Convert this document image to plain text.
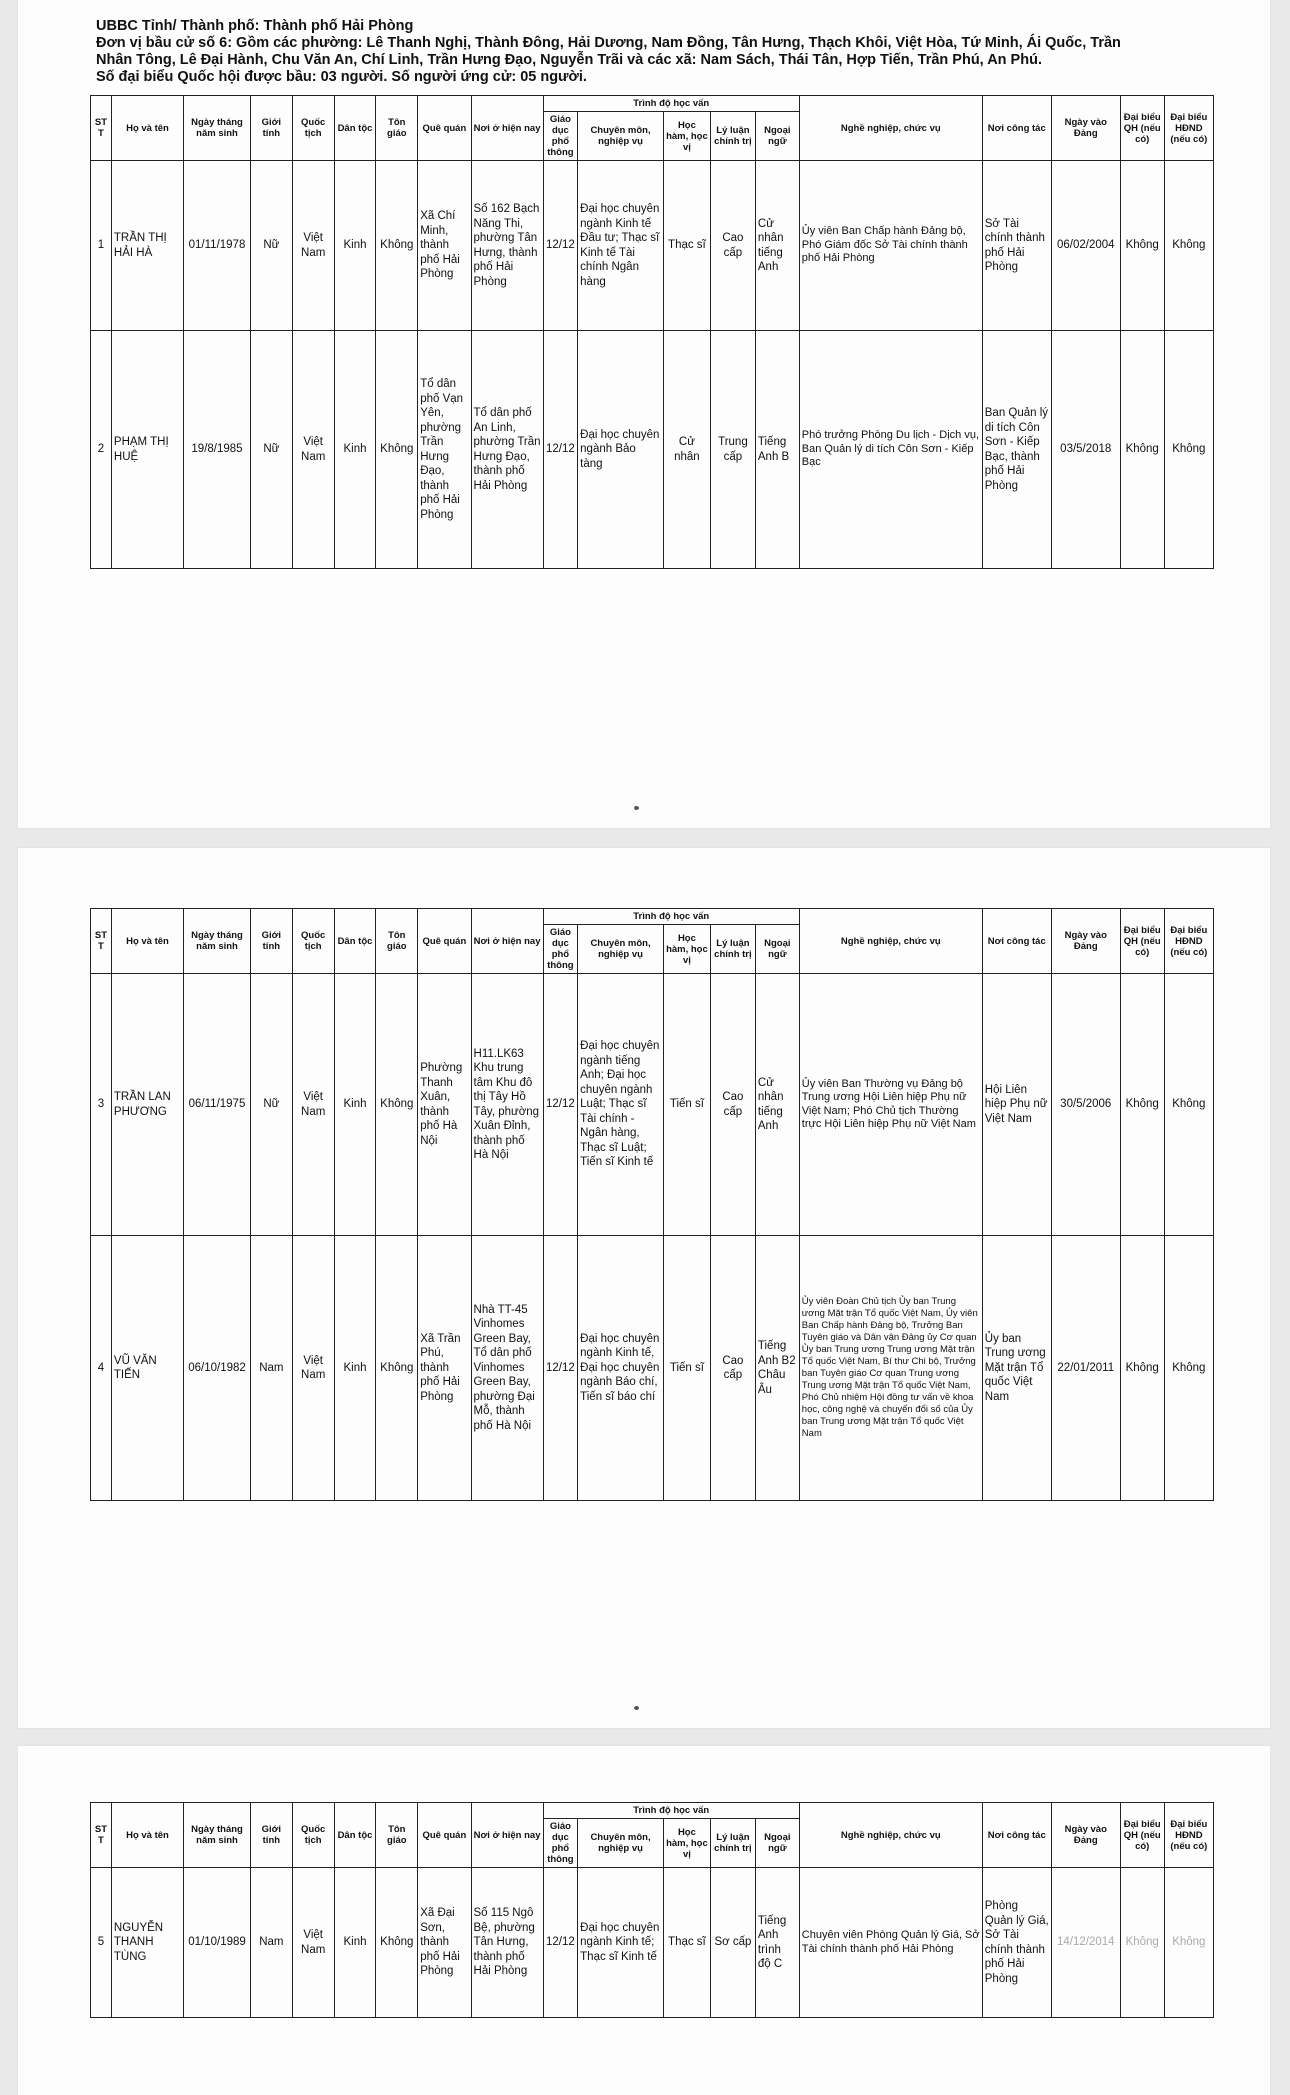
UBBC Tỉnh/ Thành phố: Thành phố Hải Phòng
Đơn vị bầu cử số 6: Gồm các phường: Lê Thanh Nghị, Thành Đông, Hải Dương, Nam Đồng, Tân Hưng, Thạch Khôi, Việt Hòa, Tứ Minh, Ái Quốc, Trần
Nhân Tông, Lê Đại Hành, Chu Văn An, Chí Linh, Trần Hưng Đạo, Nguyễn Trãi và các xã: Nam Sách, Thái Tân, Hợp Tiến, Trần Phú, An Phú.
Số đại biểu Quốc hội được bầu: 03 người. Số người ứng cử: 05 người.
STT	Họ và tên	Ngày tháng năm sinh	Giới tính	Quốc tịch	Dân tộc	Tôn giáo	Quê quán	Nơi ở hiện nay	Trình độ học vấn					Nghề nghiệp, chức vụ	Nơi công tác	Ngày vào Đảng	Đại biểu QH (nếu có)	Đại biểu HĐND (nếu có)
									Giáo dục phổ thông	Chuyên môn, nghiệp vụ	Học hàm, học vị	Lý luận chính trị	Ngoại ngữ					
1	TRẦN THỊ HẢI HÀ	01/11/1978	Nữ	Việt Nam	Kinh	Không	Xã Chí Minh, thành phố Hải Phòng	Số 162 Bạch Năng Thi, phường Tân Hưng, thành phố Hải Phòng	12/12	Đại học chuyên ngành Kinh tế Đầu tư; Thạc sĩ Kinh tế Tài chính Ngân hàng	Thạc sĩ	Cao cấp	Cử nhân tiếng Anh	Ủy viên Ban Chấp hành Đảng bộ, Phó Giám đốc Sở Tài chính thành phố Hải Phòng	Sở Tài chính thành phố Hải Phòng	06/02/2004	Không	Không
2	PHẠM THỊ HUỆ	19/8/1985	Nữ	Việt Nam	Kinh	Không	Tổ dân phố Vạn Yên, phường Trần Hưng Đạo, thành phố Hải Phòng	Tổ dân phố An Linh, phường Trần Hưng Đạo, thành phố Hải Phòng	12/12	Đại học chuyên ngành Bảo tàng	Cử nhân	Trung cấp	Tiếng Anh B	Phó trưởng Phòng Du lịch - Dịch vụ, Ban Quản lý di tích Côn Sơn - Kiếp Bạc	Ban Quản lý di tích Côn Sơn - Kiếp Bạc, thành phố Hải Phòng	03/5/2018	Không	Không
STT	Họ và tên	Ngày tháng năm sinh	Giới tính	Quốc tịch	Dân tộc	Tôn giáo	Quê quán	Nơi ở hiện nay	Trình độ học vấn					Nghề nghiệp, chức vụ	Nơi công tác	Ngày vào Đảng	Đại biểu QH (nếu có)	Đại biểu HĐND (nếu có)
									Giáo dục phổ thông	Chuyên môn, nghiệp vụ	Học hàm, học vị	Lý luận chính trị	Ngoại ngữ					
3	TRẦN LAN PHƯƠNG	06/11/1975	Nữ	Việt Nam	Kinh	Không	Phường Thanh Xuân, thành phố Hà Nội	H11.LK63 Khu trung tâm Khu đô thị Tây Hồ Tây, phường Xuân Đỉnh, thành phố Hà Nội	12/12	Đại học chuyên ngành tiếng Anh; Đại học chuyên ngành Luật; Thạc sĩ Tài chính - Ngân hàng, Thạc sĩ Luật; Tiến sĩ Kinh tế	Tiến sĩ	Cao cấp	Cử nhân tiếng Anh	Ủy viên Ban Thường vụ Đảng bộ Trung ương Hội Liên hiệp Phụ nữ Việt Nam; Phó Chủ tịch Thường trực Hội Liên hiệp Phụ nữ Việt Nam	Hội Liên hiệp Phụ nữ Việt Nam	30/5/2006	Không	Không
4	VŨ VĂN TIẾN	06/10/1982	Nam	Việt Nam	Kinh	Không	Xã Trần Phú, thành phố Hải Phòng	Nhà TT-45 Vinhomes Green Bay, Tổ dân phố Vinhomes Green Bay, phường Đại Mỗ, thành phố Hà Nội	12/12	Đại học chuyên ngành Kinh tế, Đại học chuyên ngành Báo chí, Tiến sĩ báo chí	Tiến sĩ	Cao cấp	Tiếng Anh B2 Châu Âu	Ủy viên Đoàn Chủ tịch Ủy ban Trung ương Mặt trận Tổ quốc Việt Nam, Ủy viên Ban Chấp hành Đảng bộ, Trưởng Ban Tuyên giáo và Dân vận Đảng ủy Cơ quan Ủy ban Trung ương Trung ương Mặt trận Tổ quốc Việt Nam, Bí thư Chi bộ, Trưởng ban Tuyên giáo Cơ quan Trung ương Trung ương Mặt trận Tổ quốc Việt Nam, Phó Chủ nhiệm Hội đồng tư vấn về khoa học, công nghệ và chuyển đổi số của Ủy ban Trung ương Mặt trận Tổ quốc Việt Nam	Ủy ban Trung ương Mặt trận Tổ quốc Việt Nam	22/01/2011	Không	Không
STT	Họ và tên	Ngày tháng năm sinh	Giới tính	Quốc tịch	Dân tộc	Tôn giáo	Quê quán	Nơi ở hiện nay	Trình độ học vấn					Nghề nghiệp, chức vụ	Nơi công tác	Ngày vào Đảng	Đại biểu QH (nếu có)	Đại biểu HĐND (nếu có)
									Giáo dục phổ thông	Chuyên môn, nghiệp vụ	Học hàm, học vị	Lý luận chính trị	Ngoại ngữ					
5	NGUYỄN THANH TÙNG	01/10/1989	Nam	Việt Nam	Kinh	Không	Xã Đại Sơn, thành phố Hải Phòng	Số 115 Ngô Bệ, phường Tân Hưng, thành phố Hải Phòng	12/12	Đại học chuyên ngành Kinh tế; Thạc sĩ Kinh tế	Thạc sĩ	Sơ cấp	Tiếng Anh trình độ C	Chuyên viên Phòng Quản lý Giá, Sở Tài chính thành phố Hải Phòng	Phòng Quản lý Giá, Sở Tài chính thành phố Hải Phòng	14/12/2014	Không	Không
